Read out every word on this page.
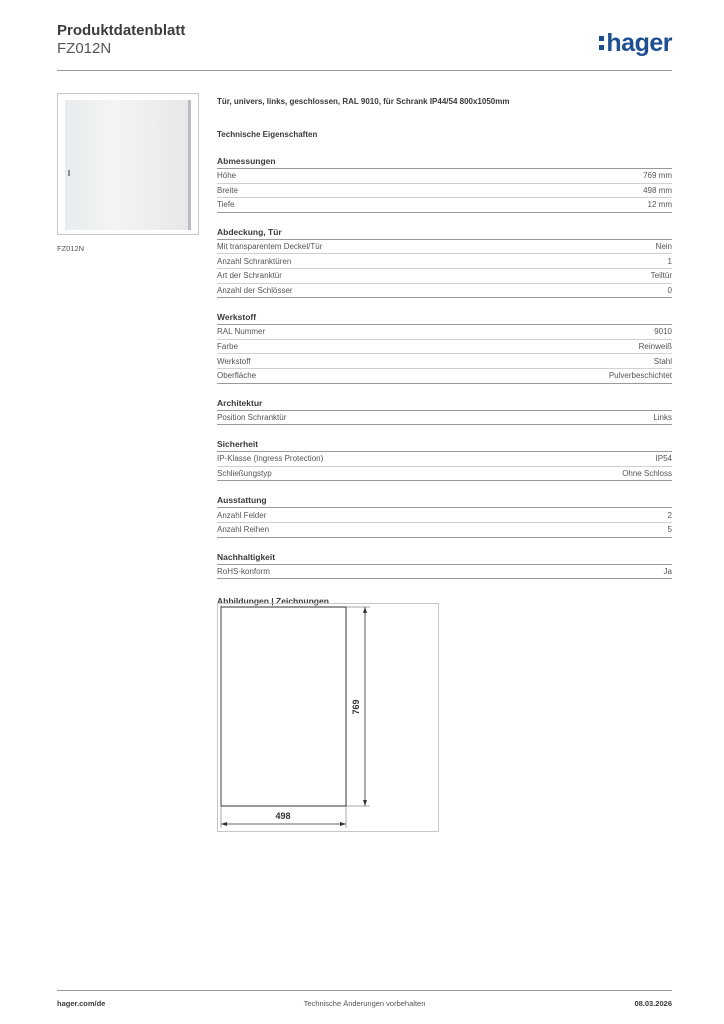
Produktdatenblatt
FZ012N	hager
FZ012N
Tür, univers, links, geschlossen, RAL 9010, für Schrank IP44/54 800x1050mm
Technische Eigenschaften
Abmessungen
Höhe	769 mm
Breite	498 mm
Tiefe	12 mm
Abdeckung, Tür
Mit transparentem Deckel/Tür	Nein
Anzahl Schranktüren	1
Art der Schranktür	Teiltür
Anzahl der Schlösser	0
Werkstoff
RAL Nummer	9010
Farbe	Reinweiß
Werkstoff	Stahl
Oberfläche	Pulverbeschichtet
Architektur
Position Schranktür	Links
Sicherheit
IP-Klasse (Ingress Protection)	IP54
Schließungstyp	Ohne Schloss
Ausstattung
Anzahl Felder	2
Anzahl Reihen	5
Nachhaltigkeit
RoHS-konform	Ja
Abbildungen | Zeichnungen
498
769
hager.com/de	Technische Änderungen vorbehalten	08.03.2026
